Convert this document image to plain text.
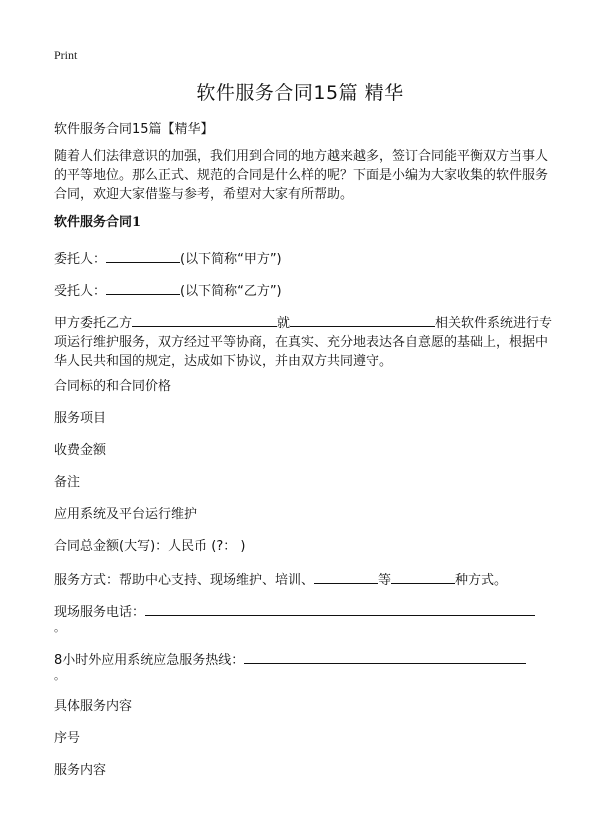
Print
软件服务合同15篇 精华

软件服务合同15篇【精华】

随着人们法律意识的加强，我们用到合同的地方越来越多，签订合同能平衡双方当事人的平等地位。那么正式、规范的合同是什么样的呢？下面是小编为大家收集的软件服务合同，欢迎大家借鉴与参考，希望对大家有所帮助。

软件服务合同1

委托人：	(以下简称“甲方”)

受托人：	(以下简称“乙方”)

甲方委托乙方	就	相关软件系统进行专项运行维护服务，双方经过平等协商，在真实、充分地表达各自意愿的基础上，根据中华人民共和国的规定，达成如下协议，并由双方共同遵守。

合同标的和合同价格

服务项目

收费金额

备注

应用系统及平台运行维护

合同总金额(大写)：人民币 (?： )

服务方式：帮助中心支持、现场维护、培训、	等	种方式。

现场服务电话：

。

8小时外应用系统应急服务热线：

。

具体服务内容

序号

服务内容
